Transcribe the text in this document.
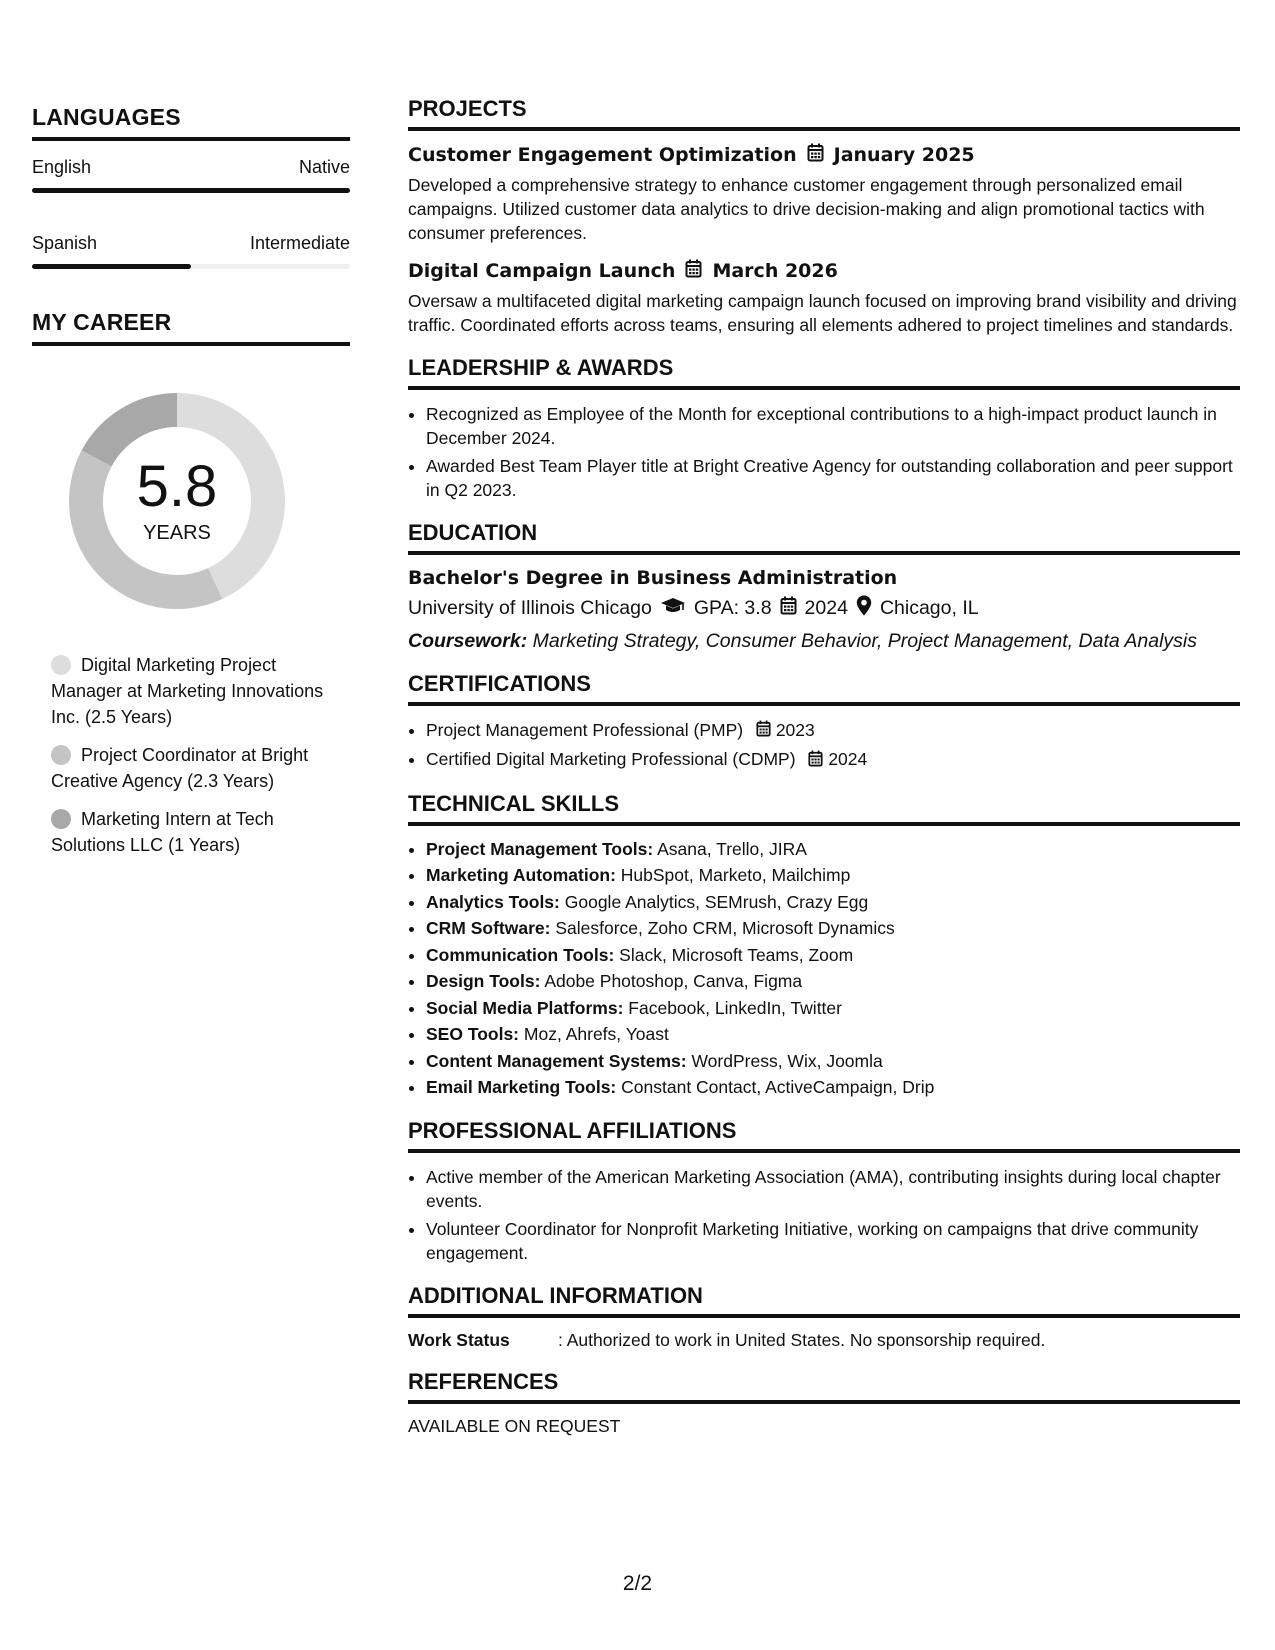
LANGUAGES
English	Native
Spanish	Intermediate
MY CAREER
5.8
YEARS
Digital Marketing Project Manager at Marketing Innovations Inc. (2.5 Years)
Project Coordinator at Bright Creative Agency (2.3 Years)
Marketing Intern at Tech Solutions LLC (1 Years)
PROJECTS
Customer Engagement Optimization January 2025
Developed a comprehensive strategy to enhance customer engagement through personalized email campaigns. Utilized customer data analytics to drive decision-making and align promotional tactics with consumer preferences.
Digital Campaign Launch March 2026
Oversaw a multifaceted digital marketing campaign launch focused on improving brand visibility and driving traffic. Coordinated efforts across teams, ensuring all elements adhered to project timelines and standards.
LEADERSHIP & AWARDS
• Recognized as Employee of the Month for exceptional contributions to a high-impact product launch in December 2024.
• Awarded Best Team Player title at Bright Creative Agency for outstanding collaboration and peer support in Q2 2023.
EDUCATION
Bachelor's Degree in Business Administration
University of Illinois Chicago GPA: 3.8 2024 Chicago, IL
Coursework: Marketing Strategy, Consumer Behavior, Project Management, Data Analysis
CERTIFICATIONS
• Project Management Professional (PMP) 2023
• Certified Digital Marketing Professional (CDMP) 2024
TECHNICAL SKILLS
• Project Management Tools: Asana, Trello, JIRA
• Marketing Automation: HubSpot, Marketo, Mailchimp
• Analytics Tools: Google Analytics, SEMrush, Crazy Egg
• CRM Software: Salesforce, Zoho CRM, Microsoft Dynamics
• Communication Tools: Slack, Microsoft Teams, Zoom
• Design Tools: Adobe Photoshop, Canva, Figma
• Social Media Platforms: Facebook, LinkedIn, Twitter
• SEO Tools: Moz, Ahrefs, Yoast
• Content Management Systems: WordPress, Wix, Joomla
• Email Marketing Tools: Constant Contact, ActiveCampaign, Drip
PROFESSIONAL AFFILIATIONS
• Active member of the American Marketing Association (AMA), contributing insights during local chapter events.
• Volunteer Coordinator for Nonprofit Marketing Initiative, working on campaigns that drive community engagement.
ADDITIONAL INFORMATION
Work Status	: Authorized to work in United States. No sponsorship required.
REFERENCES
AVAILABLE ON REQUEST
2/2
